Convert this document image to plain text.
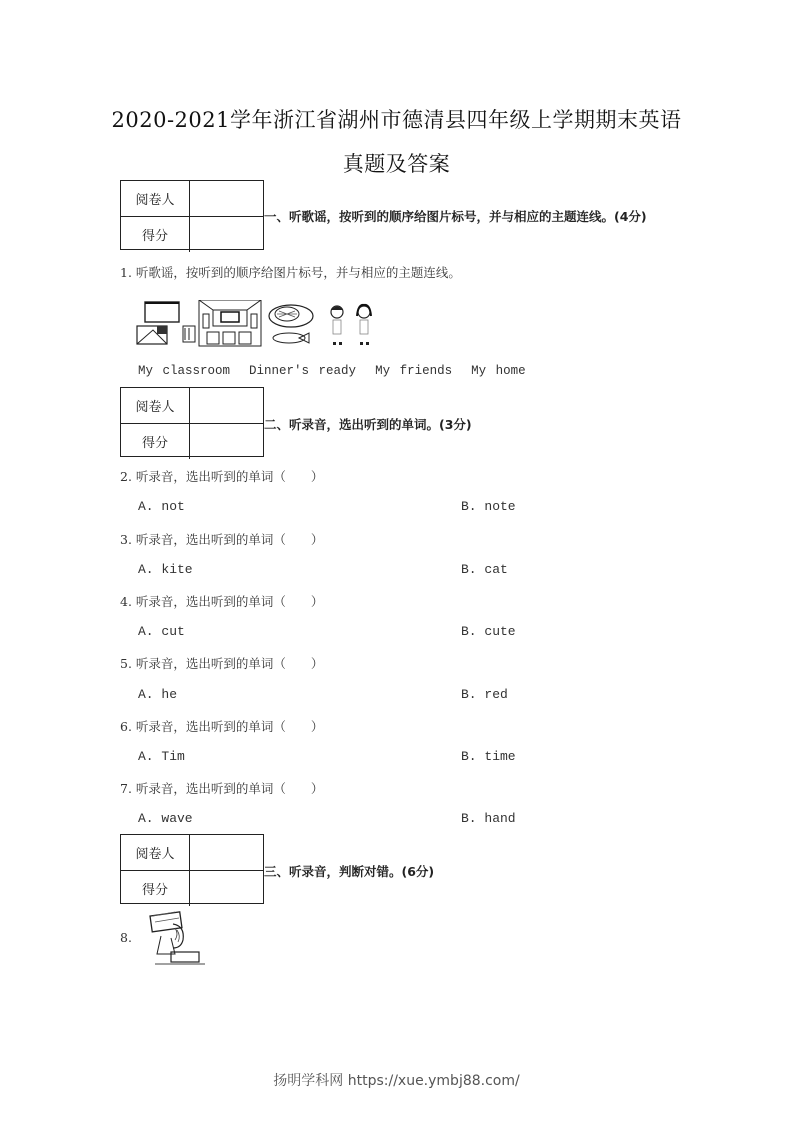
2020-2021学年浙江省湖州市德清县四年级上学期期末英语
真题及答案
阅卷人
得分
一、听歌谣，按听到的顺序给图片标号，并与相应的主题连线。(4分)
1. 听歌谣，按听到的顺序给图片标号，并与相应的主题连线。
My classroom Dinner's ready My friends My home
阅卷人
得分
二、听录音，选出听到的单词。(3分)
2. 听录音，选出听到的单词（　　）
A. not	B. note
3. 听录音，选出听到的单词（　　）
A. kite	B. cat
4. 听录音，选出听到的单词（　　）
A. cut	B. cute
5. 听录音，选出听到的单词（　　）
A. he	B. red
6. 听录音，选出听到的单词（　　）
A. Tim	B. time
7. 听录音，选出听到的单词（　　）
A. wave	B. hand
阅卷人
得分
三、听录音，判断对错。(6分)
8.
扬明学科网 https://xue.ymbj88.com/
